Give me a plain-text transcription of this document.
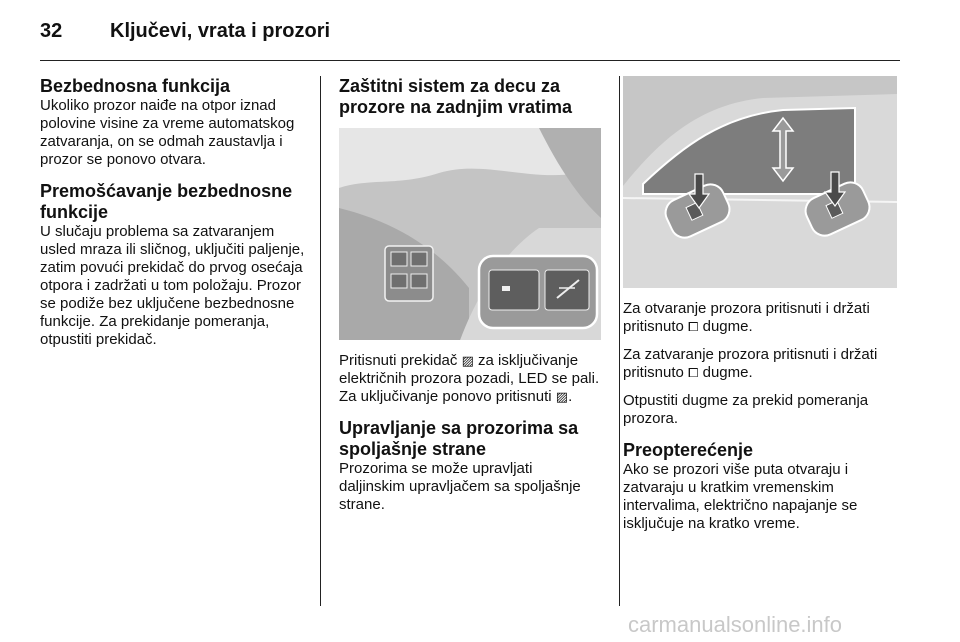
32 Ključevi, vrata i prozori
Bezbednosna funkcija

Ukoliko prozor naiđe na otpor iznad polovine visine za vreme automatskog zatvaranja, on se odmah zaustavlja i prozor se ponovo otvara.

Premošćavanje bezbednosne funkcije

U slučaju problema sa zatvaranjem usled mraza ili sličnog, uključiti paljenje, zatim povući prekidač do prvog osećaja otpora i zadržati u tom položaju. Prozor se podiže bez uključene bezbednosne funkcije. Za prekidanje pomeranja, otpustiti prekidač.

Zaštitni sistem za decu za prozore na zadnjim vratima

Pritisnuti prekidač ▨ za isključivanje električnih prozora pozadi, LED se pali. Za uključivanje ponovo pritisnuti ▨.

Upravljanje sa prozorima sa spoljašnje strane

Prozorima se može upravljati daljinskim upravljačem sa spoljašnje strane.

Za otvaranje prozora pritisnuti i držati pritisnuto ⧠ dugme.

Za zatvaranje prozora pritisnuti i držati pritisnuto ⧠ dugme.

Otpustiti dugme za prekid pomeranja prozora.

Preopterećenje

Ako se prozori više puta otvaraju i zatvaraju u kratkim vremenskim intervalima, električno napajanje se isključuje na kratko vreme.

carmanualsonline.info
